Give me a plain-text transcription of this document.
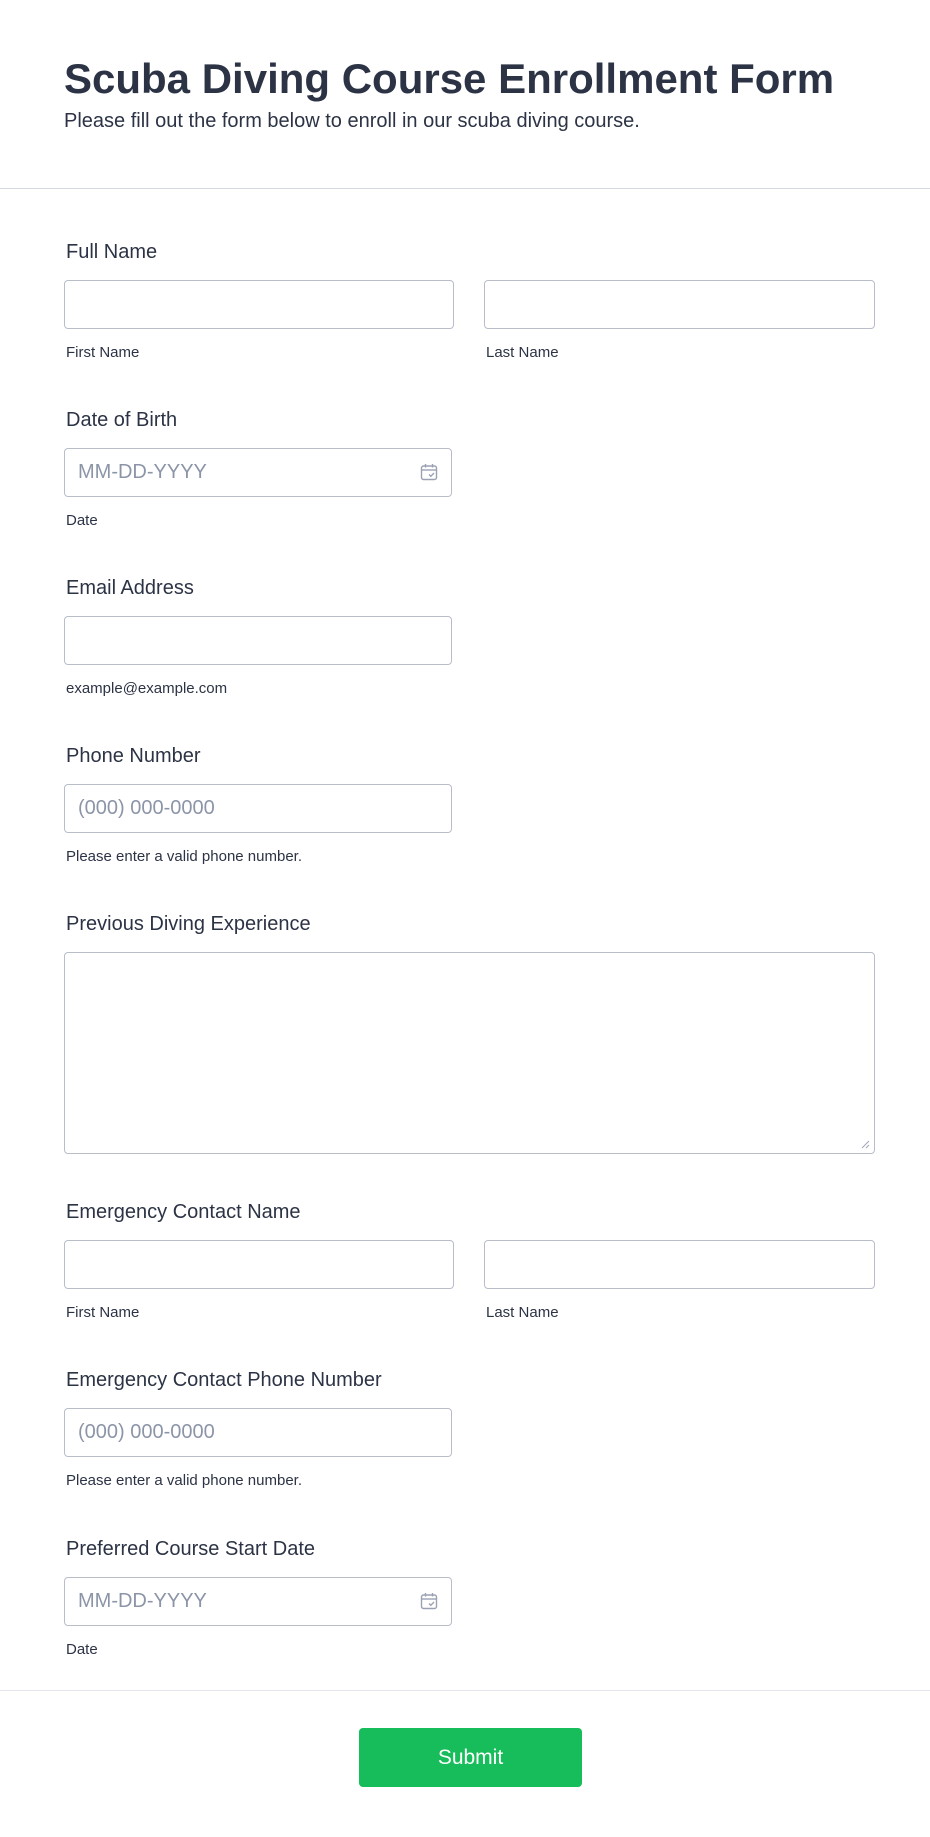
Scuba Diving Course Enrollment Form

Please fill out the form below to enroll in our scuba diving course.

Full Name
First Name	Last Name
Date of Birth
MM-DD-YYYY
Date
Email Address
example@example.com
Phone Number
(000) 000-0000
Please enter a valid phone number.
Previous Diving Experience
Emergency Contact Name
First Name	Last Name
Emergency Contact Phone Number
(000) 000-0000
Please enter a valid phone number.
Preferred Course Start Date
MM-DD-YYYY
Date
Submit
